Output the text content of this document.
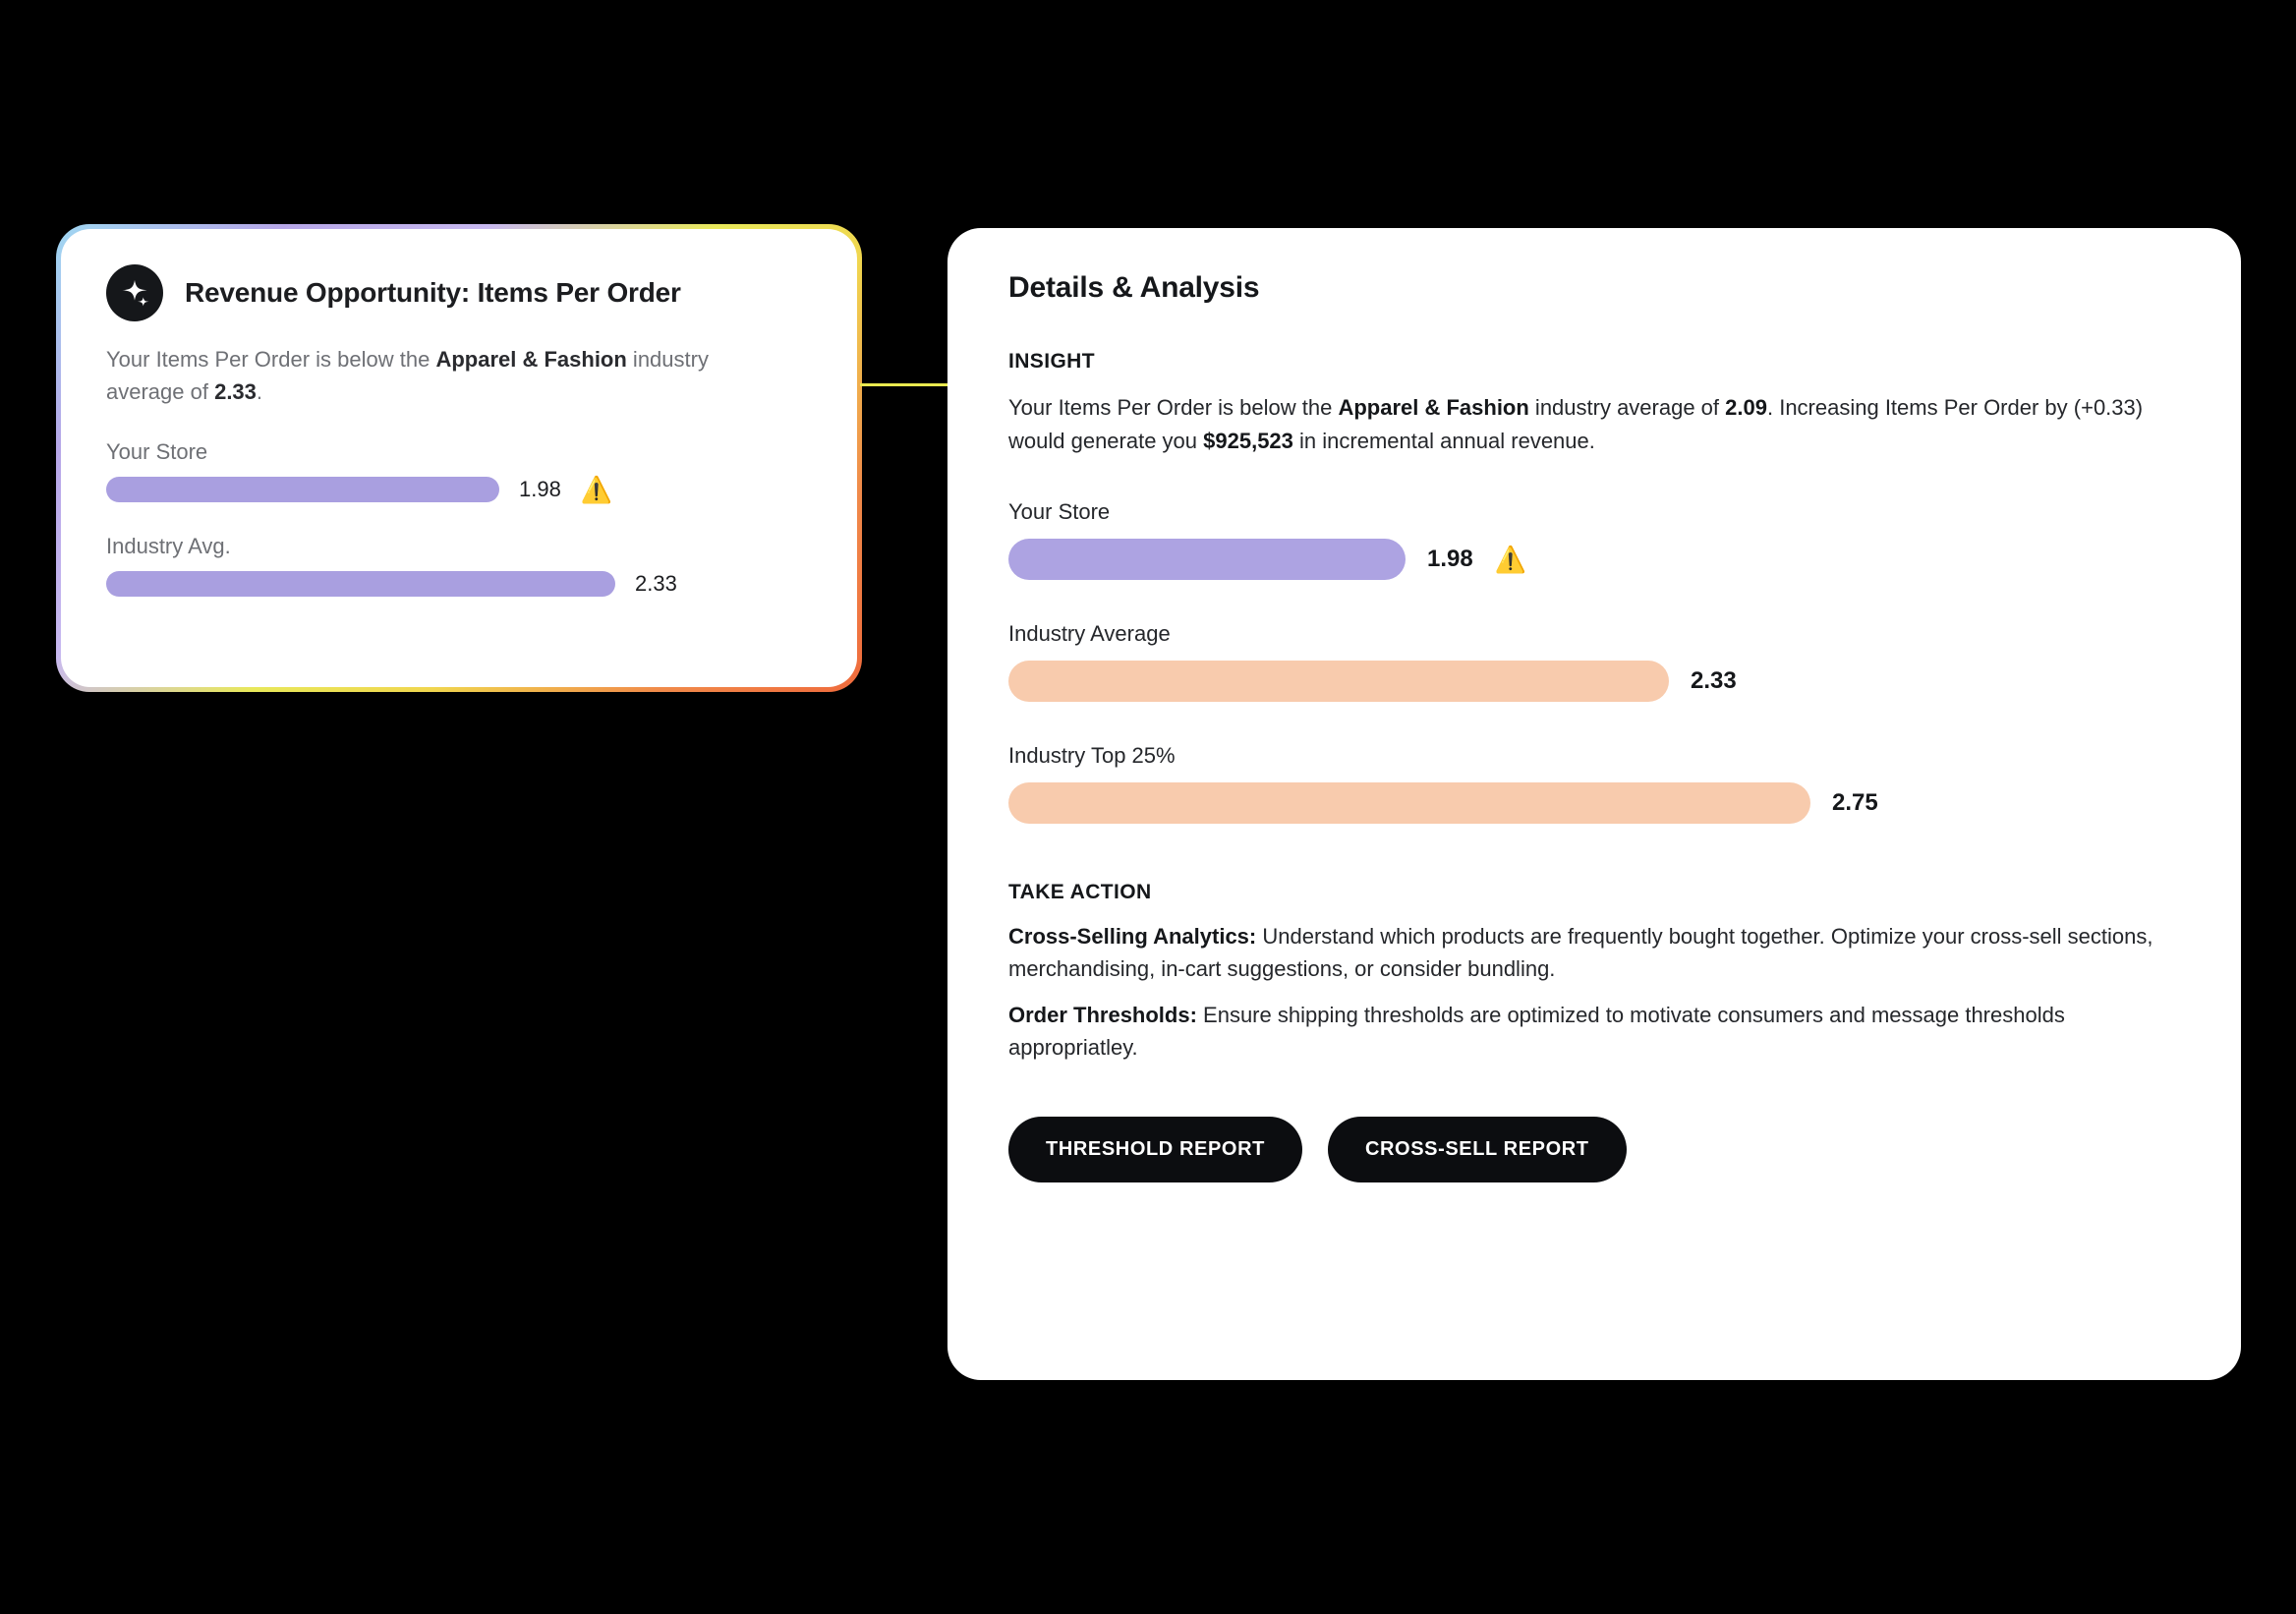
Revenue Opportunity: Items Per Order
Your Items Per Order is below the Apparel & Fashion industry average of 2.33.
Your Store
1.98 ⚠️
Industry Avg.
2.33
Details & Analysis
INSIGHT
Your Items Per Order is below the Apparel & Fashion industry average of 2.09. Increasing Items Per Order by (+0.33) would generate you $925,523 in incremental annual revenue.
Your Store
1.98 ⚠️
Industry Average
2.33
Industry Top 25%
2.75
TAKE ACTION
Cross-Selling Analytics: Understand which products are frequently bought together. Optimize your cross-sell sections, merchandising, in-cart suggestions, or consider bundling.
Order Thresholds: Ensure shipping thresholds are optimized to motivate consumers and message thresholds appropriatley.
THRESHOLD REPORT	CROSS-SELL REPORT
